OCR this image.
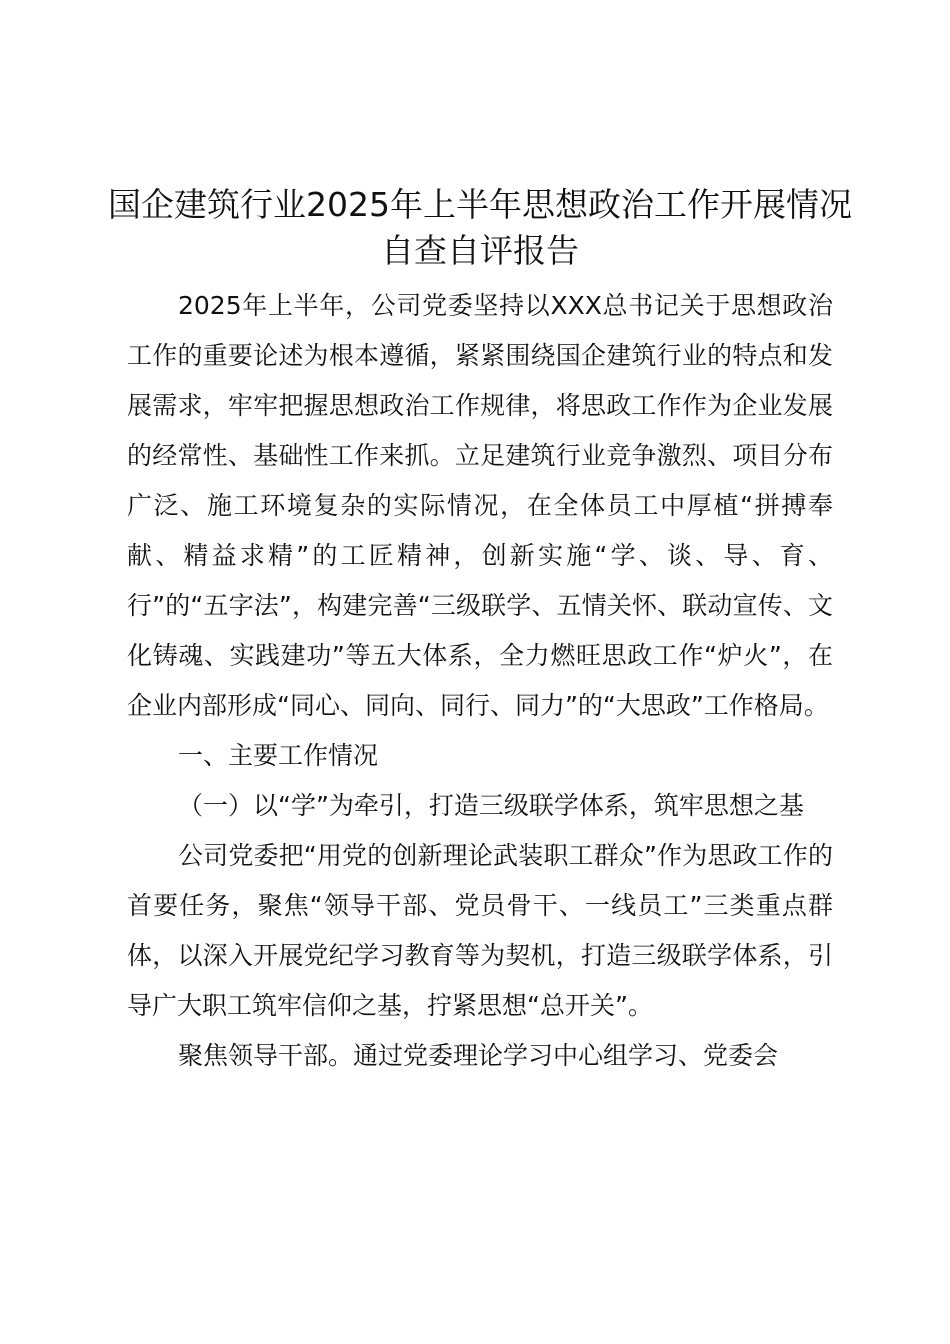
国企建筑行业2025年上半年思想政治工作开展情况自查自评报告

2025年上半年，公司党委坚持以XXX总书记关于思想政治工作的重要论述为根本遵循，紧紧围绕国企建筑行业的特点和发展需求，牢牢把握思想政治工作规律，将思政工作作为企业发展的经常性、基础性工作来抓。立足建筑行业竞争激烈、项目分布广泛、施工环境复杂的实际情况，在全体员工中厚植“拼搏奉献、精益求精”的工匠精神，创新实施“学、谈、导、育、行”的“五字法”，构建完善“三级联学、五情关怀、联动宣传、文化铸魂、实践建功”等五大体系，全力燃旺思政工作“炉火”，在企业内部形成“同心、同向、同行、同力”的“大思政”工作格局。

一、主要工作情况

（一）以“学”为牵引，打造三级联学体系，筑牢思想之基

公司党委把“用党的创新理论武装职工群众”作为思政工作的首要任务，聚焦“领导干部、党员骨干、一线员工”三类重点群体，以深入开展党纪学习教育等为契机，打造三级联学体系，引导广大职工筑牢信仰之基，拧紧思想“总开关”。

聚焦领导干部。通过党委理论学习中心组学习、党委会
